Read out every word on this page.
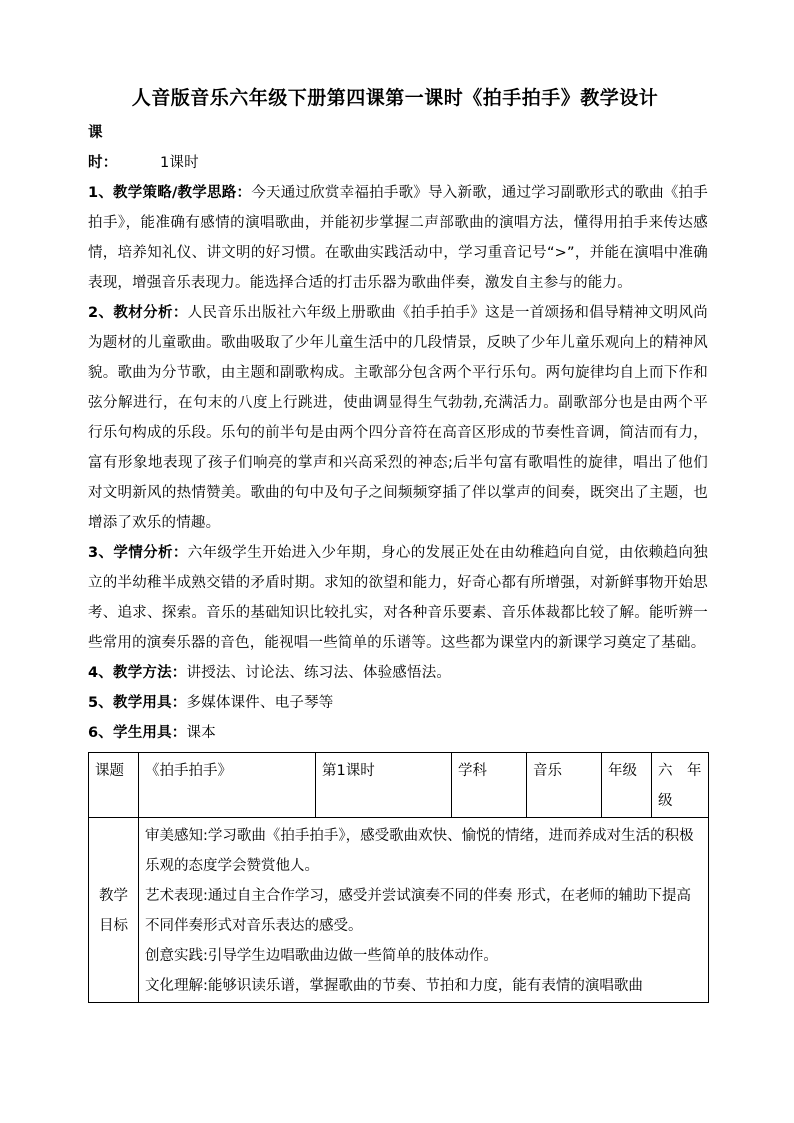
人音版音乐六年级下册第四课第一课时《拍手拍手》教学设计

课　　时：	1课时

1、教学策略/教学思路：今天通过欣赏幸福拍手歌》导入新歌，通过学习副歌形式的歌曲《拍手拍手》，能准确有感情的演唱歌曲，并能初步掌握二声部歌曲的演唱方法，懂得用拍手来传达感情，培养知礼仪、讲文明的好习惯。在歌曲实践活动中，学习重音记号“>”，并能在演唱中准确表现，增强音乐表现力。能选择合适的打击乐器为歌曲伴奏，激发自主参与的能力。

2、教材分析：人民音乐出版社六年级上册歌曲《拍手拍手》这是一首颂扬和倡导精神文明风尚为题材的儿童歌曲。歌曲吸取了少年儿童生活中的几段情景，反映了少年儿童乐观向上的精神风貌。歌曲为分节歌，由主题和副歌构成。主歌部分包含两个平行乐句。两句旋律均自上而下作和弦分解进行，在句末的八度上行跳进，使曲调显得生气勃勃,充满活力。副歌部分也是由两个平行乐句构成的乐段。乐句的前半句是由两个四分音符在高音区形成的节奏性音调，简洁而有力，富有形象地表现了孩子们响亮的掌声和兴高采烈的神态;后半句富有歌唱性的旋律，唱出了他们对文明新风的热情赞美。歌曲的句中及句子之间频频穿插了伴以掌声的间奏，既突出了主题，也增添了欢乐的情趣。

3、学情分析：六年级学生开始进入少年期，身心的发展正处在由幼稚趋向自觉，由依赖趋向独立的半幼稚半成熟交错的矛盾时期。求知的欲望和能力，好奇心都有所增强，对新鲜事物开始思考、追求、探索。音乐的基础知识比较扎实，对各种音乐要素、音乐体裁都比较了解。能听辨一些常用的演奏乐器的音色，能视唱一些简单的乐谱等。这些都为课堂内的新课学习奠定了基础。

4、教学方法：讲授法、讨论法、练习法、体验感悟法。

5、教学用具：多媒体课件、电子琴等

6、学生用具：课本

课题	《拍手拍手》	第1课时	学科	音乐	年级	六　年级
教学目标	审美感知:学习歌曲《拍手拍手》，感受歌曲欢快、愉悦的情绪，进而养成对生活的积极乐观的态度学会赞赏他人。

艺术表现:通过自主合作学习，感受并尝试演奏不同的伴奏 形式，在老师的辅助下提高不同伴奏形式对音乐表达的感受。

创意实践:引导学生边唱歌曲边做一些简单的肢体动作。

文化理解:能够识读乐谱，掌握歌曲的节奏、节拍和力度，能有表情的演唱歌曲					
